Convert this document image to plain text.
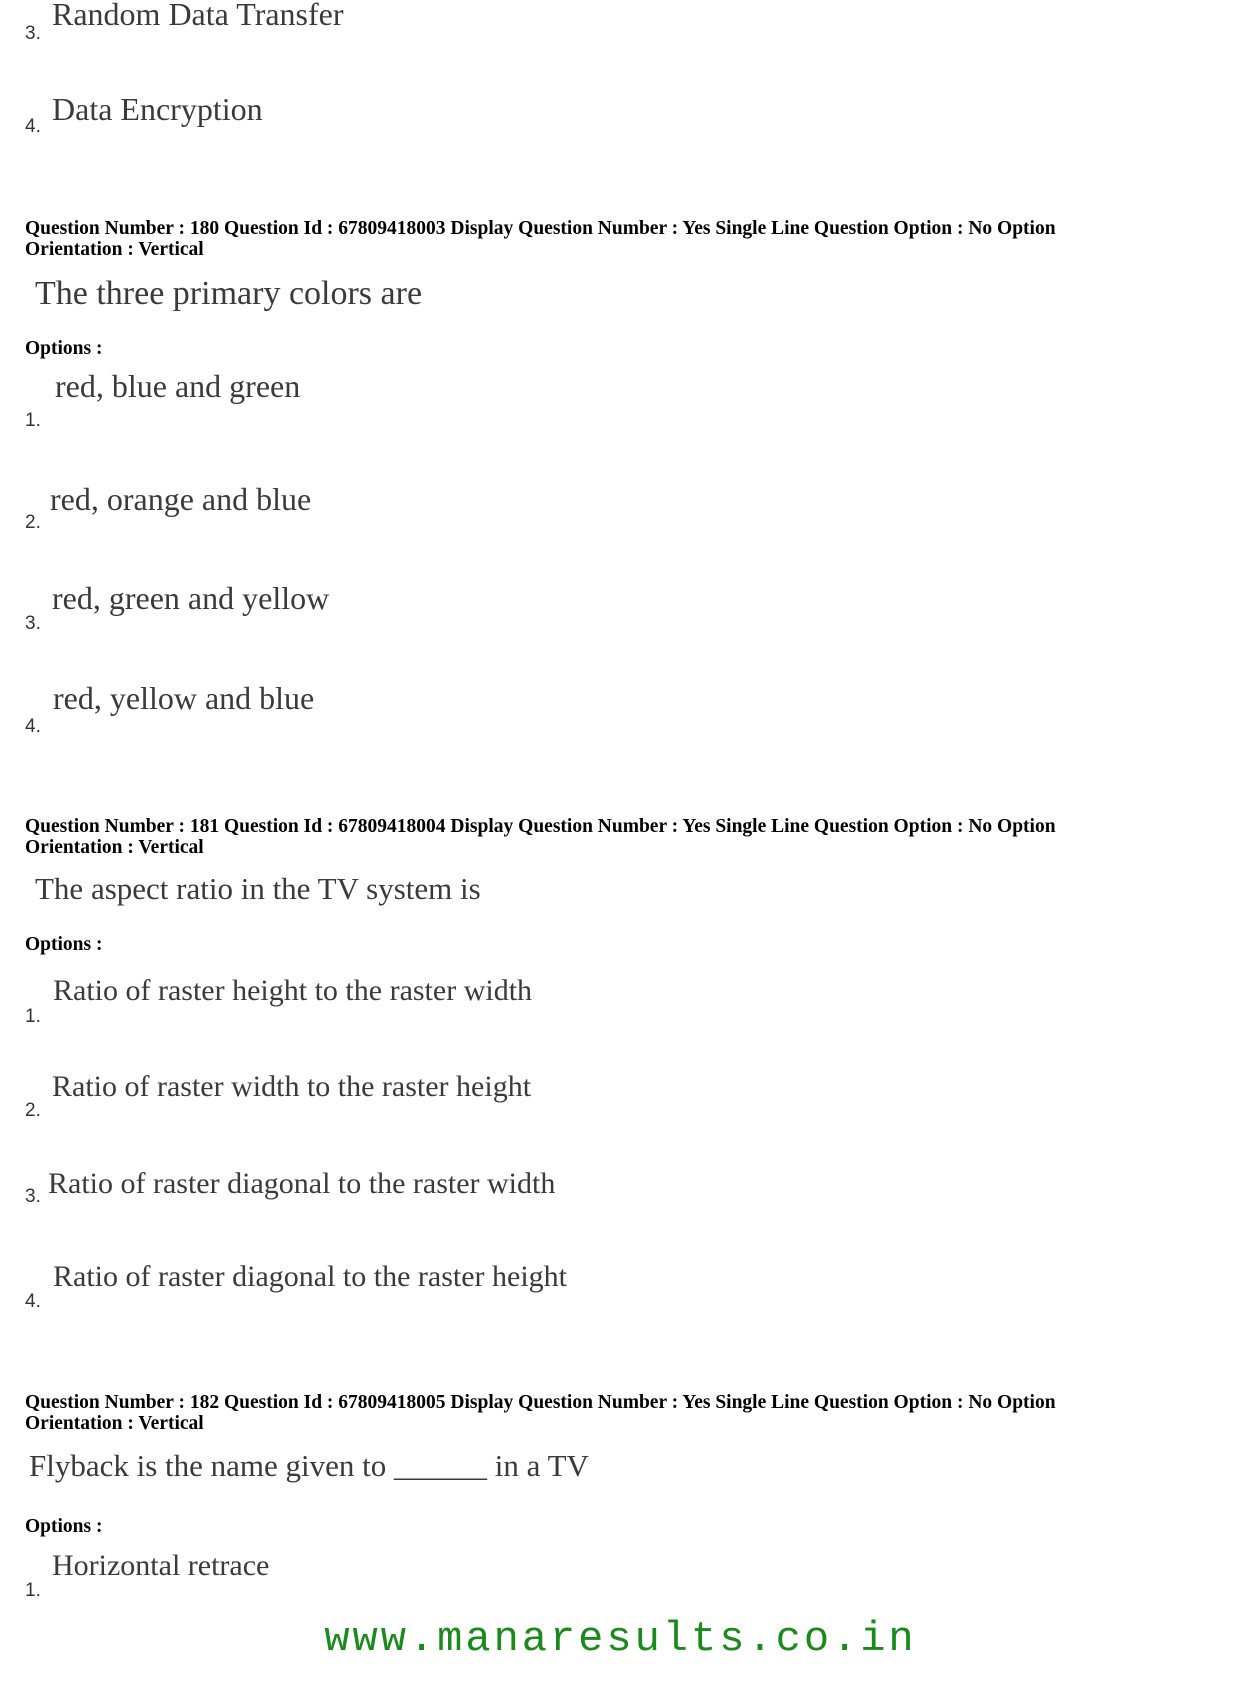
3.
Random Data Transfer
4. Data Encryption
Question Number : 180 Question Id : 67809418003 Display Question Number : Yes Single Line Question Option : No Option
Orientation : Vertical
The three primary colors are
Options :
1.
red, blue and green
2.
red, orange and blue
3.
red, green and yellow
4.
red, yellow and blue
Question Number : 181 Question Id : 67809418004 Display Question Number : Yes Single Line Question Option : No Option
Orientation : Vertical
The aspect ratio in the TV system is
Options :
1.
Ratio of raster height to the raster width
2.
Ratio of raster width to the raster height
3. Ratio of raster diagonal to the raster width
4.
Ratio of raster diagonal to the raster height
Question Number : 182 Question Id : 67809418005 Display Question Number : Yes Single Line Question Option : No Option
Orientation : Vertical
Flyback is the name given to ______ in a TV
Options :
1.
Horizontal retrace
www.manaresults.co.in
